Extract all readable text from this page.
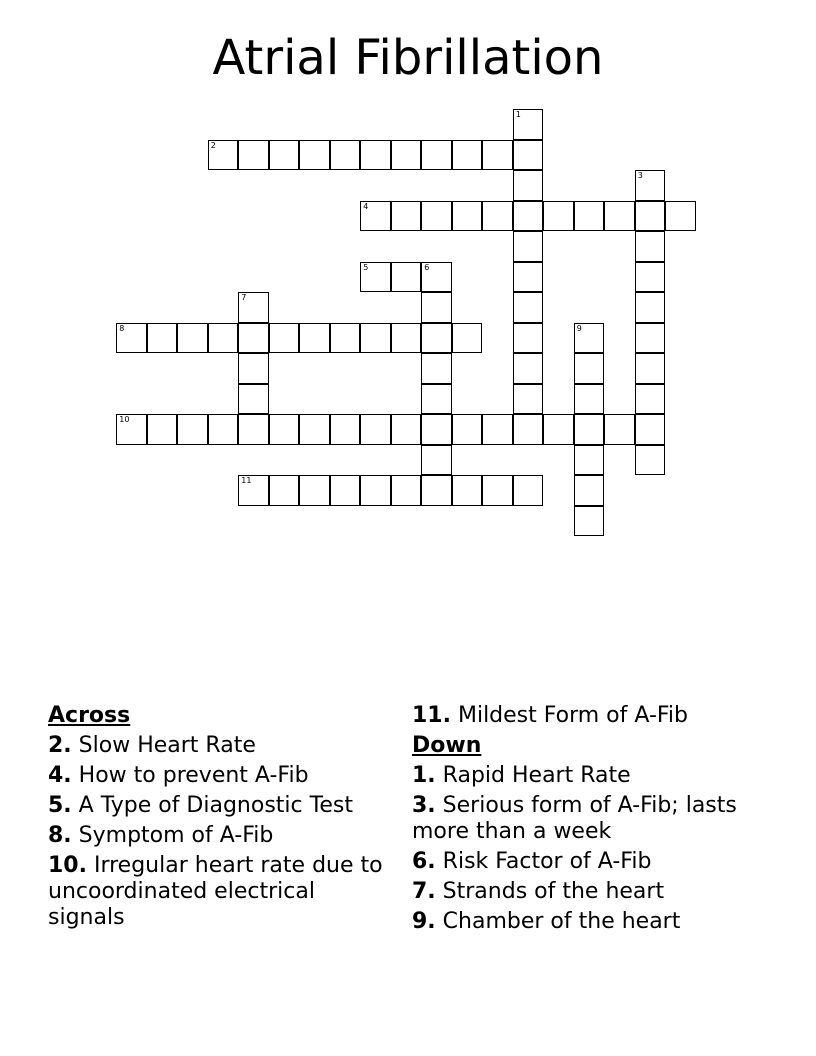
Atrial Fibrillation
1
2
3
4
5	6
7
8	9
10
11
Across
2. Slow Heart Rate
4. How to prevent A-Fib
5. A Type of Diagnostic Test
8. Symptom of A-Fib
10. Irregular heart rate due to uncoordinated electrical signals
11. Mildest Form of A-Fib
Down
1. Rapid Heart Rate
3. Serious form of A-Fib; lasts more than a week
6. Risk Factor of A-Fib
7. Strands of the heart
9. Chamber of the heart
